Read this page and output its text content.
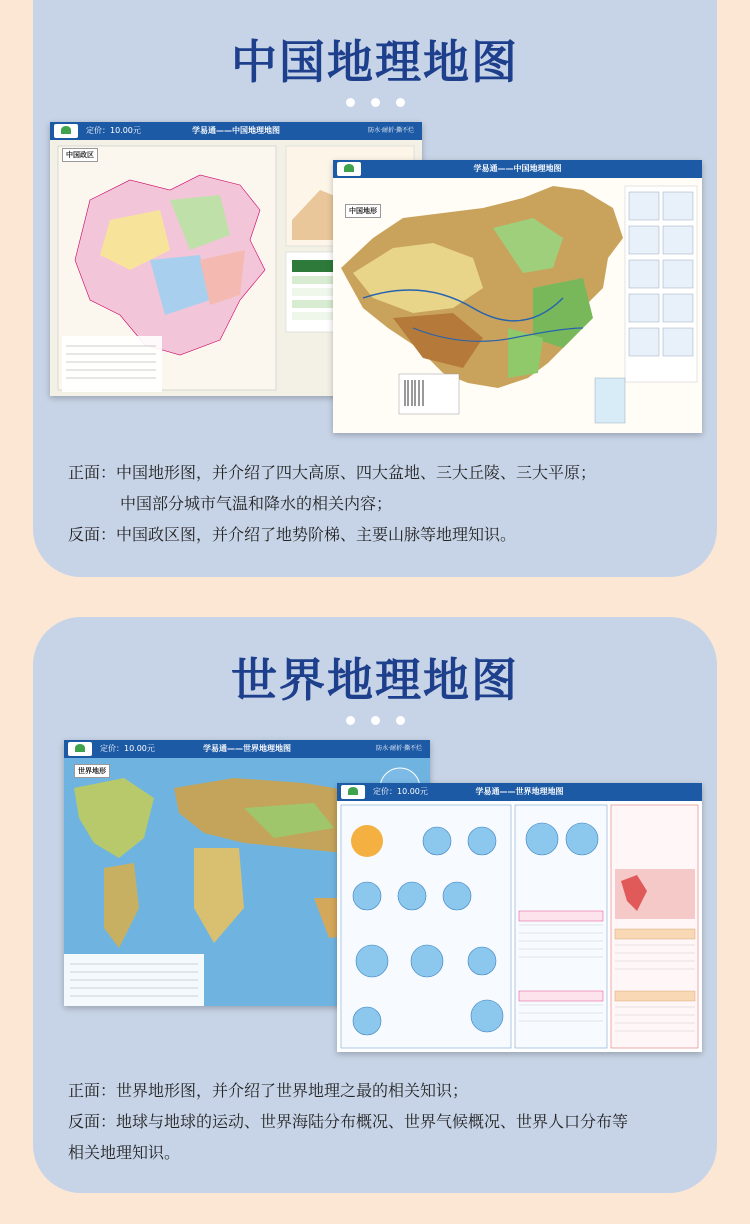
中国地理地图
定价：10.00元	学易通——中国地理地图	防水·耐折·撕不烂
中国政区
学易通——中国地理地图
中国地形
正面：中国地形图，并介绍了四大高原、四大盆地、三大丘陵、三大平原；
中国部分城市气温和降水的相关内容；
反面：中国政区图，并介绍了地势阶梯、主要山脉等地理知识。
世界地理地图
定价：10.00元	学易通——世界地理地图	防水·耐折·撕不烂
世界地形
定价：10.00元	学易通——世界地理地图
正面：世界地形图，并介绍了世界地理之最的相关知识；
反面：地球与地球的运动、世界海陆分布概况、世界气候概况、世界人口分布等
相关地理知识。
